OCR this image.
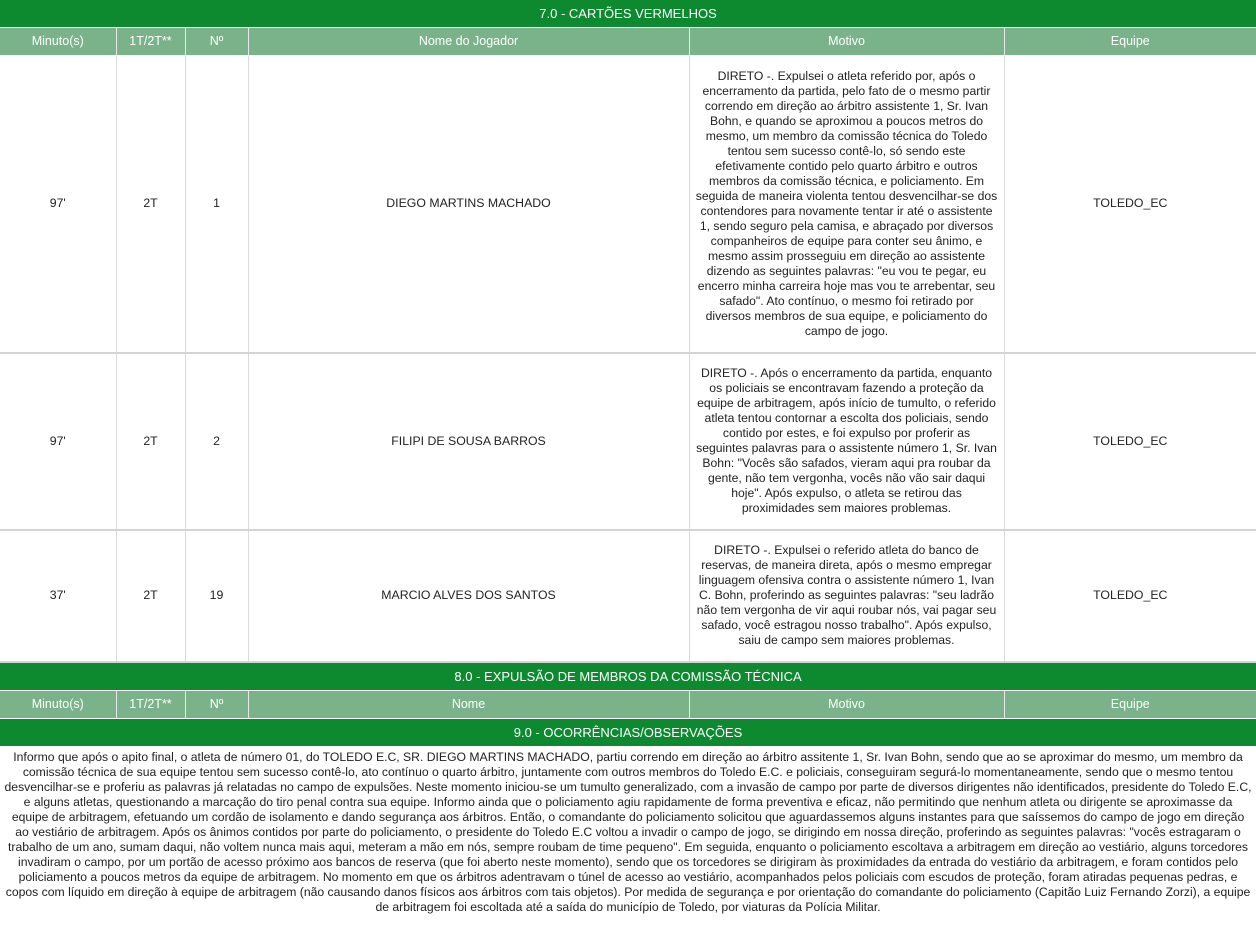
7.0 - CARTÕES VERMELHOS					
Minuto(s)	1T/2T**	Nº	Nome do Jogador	Motivo	Equipe
97'	2T	1	DIEGO MARTINS MACHADO	DIRETO -. Expulsei o atleta referido por, após o encerramento da partida, pelo fato de o mesmo partir correndo em direção ao árbitro assistente 1, Sr. Ivan Bohn, e quando se aproximou a poucos metros do mesmo, um membro da comissão técnica do Toledo tentou sem sucesso contê-lo, só sendo este efetivamente contido pelo quarto árbitro e outros membros da comissão técnica, e policiamento. Em seguida de maneira violenta tentou desvencilhar-se dos contendores para novamente tentar ir até o assistente 1, sendo seguro pela camisa, e abraçado por diversos companheiros de equipe para conter seu ânimo, e mesmo assim prosseguiu em direção ao assistente dizendo as seguintes palavras: "eu vou te pegar, eu encerro minha carreira hoje mas vou te arrebentar, seu safado". Ato contínuo, o mesmo foi retirado por diversos membros de sua equipe, e policiamento do campo de jogo.	TOLEDO_EC
97'	2T	2	FILIPI DE SOUSA BARROS	DIRETO -. Após o encerramento da partida, enquanto os policiais se encontravam fazendo a proteção da equipe de arbitragem, após início de tumulto, o referido atleta tentou contornar a escolta dos policiais, sendo contido por estes, e foi expulso por proferir as seguintes palavras para o assistente número 1, Sr. Ivan Bohn: "Vocês são safados, vieram aqui pra roubar da gente, não tem vergonha, vocês não vão sair daqui hoje". Após expulso, o atleta se retirou das proximidades sem maiores problemas.	TOLEDO_EC
37'	2T	19	MARCIO ALVES DOS SANTOS	DIRETO -. Expulsei o referido atleta do banco de reservas, de maneira direta, após o mesmo empregar linguagem ofensiva contra o assistente número 1, Ivan C. Bohn, proferindo as seguintes palavras: "seu ladrão não tem vergonha de vir aqui roubar nós, vai pagar seu safado, você estragou nosso trabalho". Após expulso, saiu de campo sem maiores problemas.	TOLEDO_EC
8.0 - EXPULSÃO DE MEMBROS DA COMISSÃO TÉCNICA					
Minuto(s)	1T/2T**	Nº	Nome	Motivo	Equipe
9.0 - OCORRÊNCIAS/OBSERVAÇÕES					
Informo que após o apito final, o atleta de número 01, do TOLEDO E.C, SR. DIEGO MARTINS MACHADO, partiu correndo em direção ao árbitro assitente 1, Sr. Ivan Bohn, sendo que ao se aproximar do mesmo, um membro da comissão técnica de sua equipe tentou sem sucesso contê-lo, ato contínuo o quarto árbitro, juntamente com outros membros do Toledo E.C. e policiais, conseguiram segurá-lo momentaneamente, sendo que o mesmo tentou desvencilhar-se e proferiu as palavras já relatadas no campo de expulsões. Neste momento iniciou-se um tumulto generalizado, com a invasão de campo por parte de diversos dirigentes não identificados, presidente do Toledo E.C, e alguns atletas, questionando a marcação do tiro penal contra sua equipe. Informo ainda que o policiamento agiu rapidamente de forma preventiva e eficaz, não permitindo que nenhum atleta ou dirigente se aproximasse da equipe de arbitragem, efetuando um cordão de isolamento e dando segurança aos árbitros. Então, o comandante do policiamento solicitou que aguardassemos alguns instantes para que saíssemos do campo de jogo em direção ao vestiário de arbitragem. Após os ânimos contidos por parte do policiamento, o presidente do Toledo E.C voltou a invadir o campo de jogo, se dirigindo em nossa direção, proferindo as seguintes palavras: "vocês estragaram o trabalho de um ano, sumam daqui, não voltem nunca mais aqui, meteram a mão em nós, sempre roubam de time pequeno". Em seguida, enquanto o policiamento escoltava a arbitragem em direção ao vestiário, alguns torcedores invadiram o campo, por um portão de acesso próximo aos bancos de reserva (que foi aberto neste momento), sendo que os torcedores se dirigiram às proximidades da entrada do vestiário da arbitragem, e foram contidos pelo policiamento a poucos metros da equipe de arbitragem. No momento em que os árbitros adentravam o túnel de acesso ao vestiário, acompanhados pelos policiais com escudos de proteção, foram atiradas pequenas pedras, e copos com líquido em direção à equipe de arbitragem (não causando danos físicos aos árbitros com tais objetos). Por medida de segurança e por orientação do comandante do policiamento (Capitão Luiz Fernando Zorzi), a equipe de arbitragem foi escoltada até a saída do município de Toledo, por viaturas da Polícia Militar.					
